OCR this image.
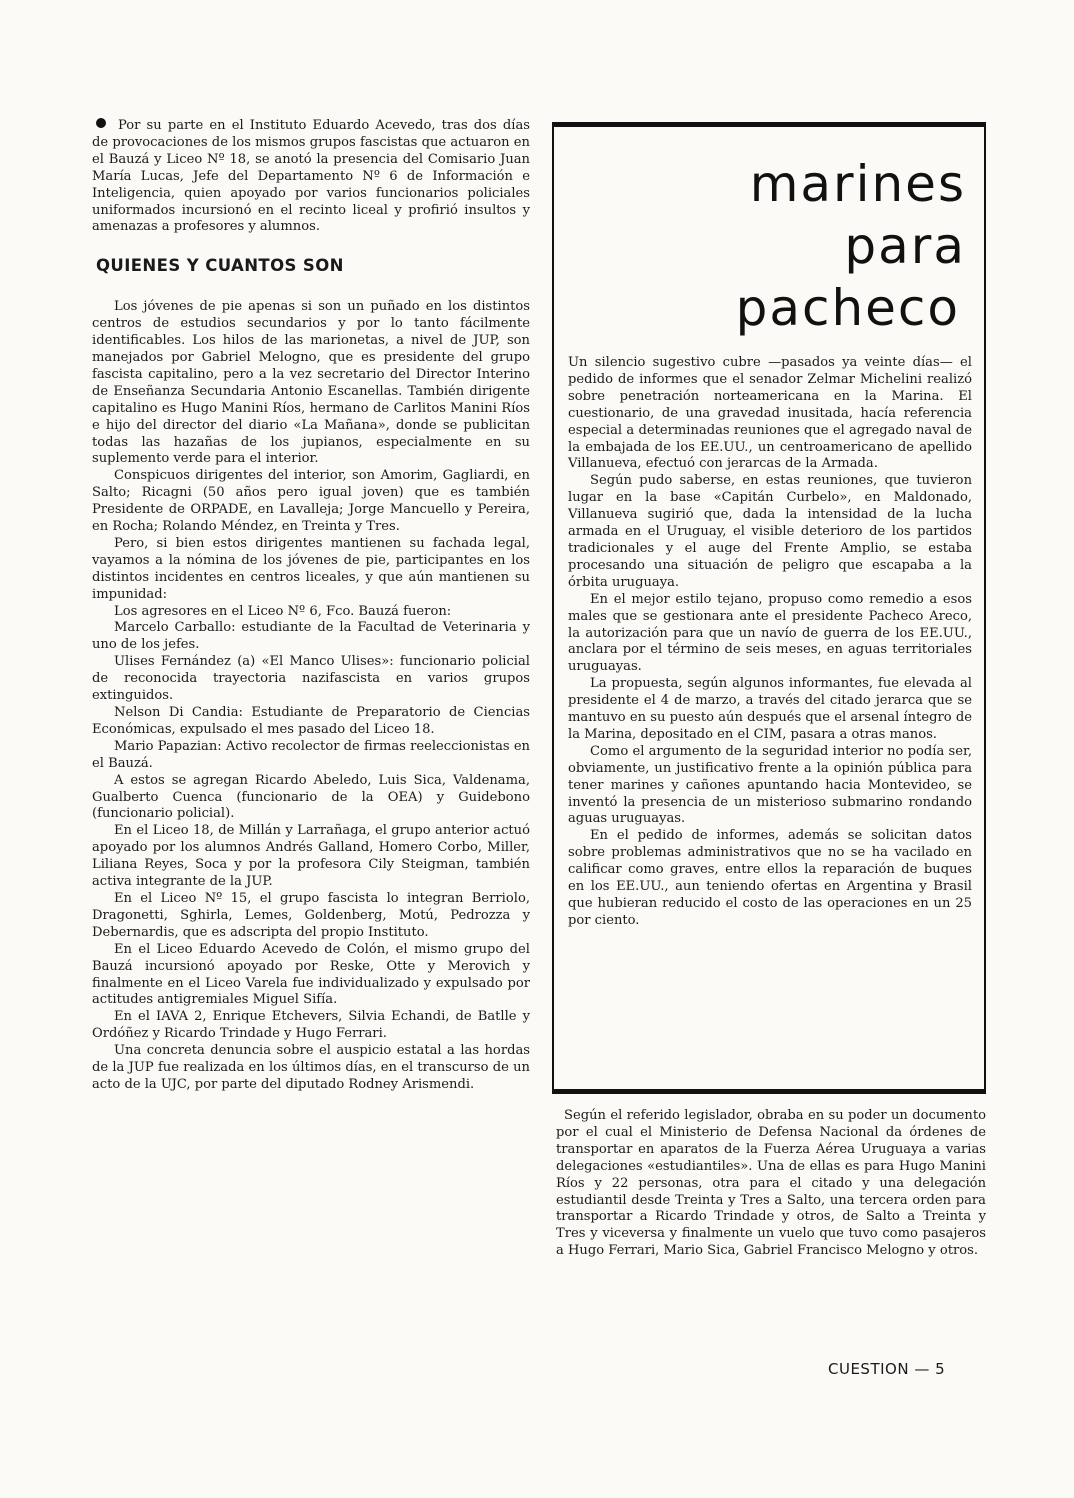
Por su parte en el Instituto Eduardo Acevedo, tras dos días de provocaciones de los mismos grupos fascistas que actuaron en el Bauzá y Liceo Nº 18, se anotó la presencia del Comisario Juan María Lucas, Jefe del Departamento Nº 6 de Información e Inteligencia, quien apoyado por varios funcionarios policiales uniformados incursionó en el recinto liceal y profirió insultos y amenazas a profesores y alumnos.

QUIENES Y CUANTOS SON

Los jóvenes de pie apenas si son un puñado en los distintos centros de estudios secundarios y por lo tanto fácilmente identificables. Los hilos de las marionetas, a nivel de JUP, son manejados por Gabriel Melogno, que es presidente del grupo fascista capitalino, pero a la vez secretario del Director Interino de Enseñanza Secundaria Antonio Escanellas. También dirigente capitalino es Hugo Manini Ríos, hermano de Carlitos Manini Ríos e hijo del director del diario «La Mañana», donde se publicitan todas las hazañas de los jupianos, especialmente en su suplemento verde para el interior.

Conspicuos dirigentes del interior, son Amorim, Gagliardi, en Salto; Ricagni (50 años pero igual joven) que es también Presidente de ORPADE, en Lavalleja; Jorge Mancuello y Pereira, en Rocha; Rolando Méndez, en Treinta y Tres.

Pero, si bien estos dirigentes mantienen su fachada legal, vayamos a la nómina de los jóvenes de pie, participantes en los distintos incidentes en centros liceales, y que aún mantienen su impunidad:

Los agresores en el Liceo Nº 6, Fco. Bauzá fueron:

Marcelo Carballo: estudiante de la Facultad de Veterinaria y uno de los jefes.

Ulises Fernández (a) «El Manco Ulises»: funcionario policial de reconocida trayectoria nazifascista en varios grupos extinguidos.

Nelson Di Candia: Estudiante de Preparatorio de Ciencias Económicas, expulsado el mes pasado del Liceo 18.

Mario Papazian: Activo recolector de firmas reeleccionistas en el Bauzá.

A estos se agregan Ricardo Abeledo, Luis Sica, Valdenama, Gualberto Cuenca (funcionario de la OEA) y Guidebono (funcionario policial).

En el Liceo 18, de Millán y Larrañaga, el grupo anterior actuó apoyado por los alumnos Andrés Galland, Homero Corbo, Miller, Liliana Reyes, Soca y por la profesora Cily Steigman, también activa integrante de la JUP.

En el Liceo Nº 15, el grupo fascista lo integran Berriolo, Dragonetti, Sghirla, Lemes, Goldenberg, Motú, Pedrozza y Debernardis, que es adscripta del propio Instituto.

En el Liceo Eduardo Acevedo de Colón, el mismo grupo del Bauzá incursionó apoyado por Reske, Otte y Merovich y finalmente en el Liceo Varela fue individualizado y expulsado por actitudes antigremiales Miguel Sifía.

En el IAVA 2, Enrique Etchevers, Silvia Echandi, de Batlle y Ordóñez y Ricardo Trindade y Hugo Ferrari.

Una concreta denuncia sobre el auspicio estatal a las hordas de la JUP fue realizada en los últimos días, en el transcurso de un acto de la UJC, por parte del diputado Rodney Arismendi.

marines
para
pacheco

Un silencio sugestivo cubre —pasados ya veinte días— el pedido de informes que el senador Zelmar Michelini realizó sobre penetración norteamericana en la Marina. El cuestionario, de una gravedad inusitada, hacía referencia especial a determinadas reuniones que el agregado naval de la embajada de los EE.UU., un centroamericano de apellido Villanueva, efectuó con jerarcas de la Armada.

Según pudo saberse, en estas reuniones, que tuvieron lugar en la base «Capitán Curbelo», en Maldonado, Villanueva sugirió que, dada la intensidad de la lucha armada en el Uruguay, el visible deterioro de los partidos tradicionales y el auge del Frente Amplio, se estaba procesando una situación de peligro que escapaba a la órbita uruguaya.

En el mejor estilo tejano, propuso como remedio a esos males que se gestionara ante el presidente Pacheco Areco, la autorización para que un navío de guerra de los EE.UU., anclara por el término de seis meses, en aguas territoriales uruguayas.

La propuesta, según algunos informantes, fue elevada al presidente el 4 de marzo, a través del citado jerarca que se mantuvo en su puesto aún después que el arsenal íntegro de la Marina, depositado en el CIM, pasara a otras manos.

Como el argumento de la seguridad interior no podía ser, obviamente, un justificativo frente a la opinión pública para tener marines y cañones apuntando hacia Montevideo, se inventó la presencia de un misterioso submarino rondando aguas uruguayas.

En el pedido de informes, además se solicitan datos sobre problemas administrativos que no se ha vacilado en calificar como graves, entre ellos la reparación de buques en los EE.UU., aun teniendo ofertas en Argentina y Brasil que hubieran reducido el costo de las operaciones en un 25 por ciento.

Según el referido legislador, obraba en su poder un documento por el cual el Ministerio de Defensa Nacional da órdenes de transportar en aparatos de la Fuerza Aérea Uruguaya a varias delegaciones «estudiantiles». Una de ellas es para Hugo Manini Ríos y 22 personas, otra para el citado y una delegación estudiantil desde Treinta y Tres a Salto, una tercera orden para transportar a Ricardo Trindade y otros, de Salto a Treinta y Tres y viceversa y finalmente un vuelo que tuvo como pasajeros a Hugo Ferrari, Mario Sica, Gabriel Francisco Melogno y otros.

CUESTION — 5
